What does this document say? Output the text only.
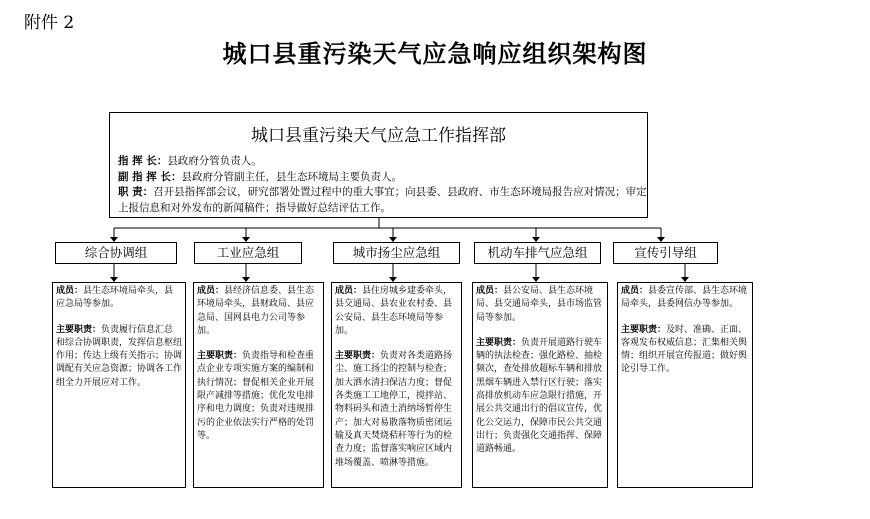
附件 2
城口县重污染天气应急响应组织架构图
城口县重污染天气应急工作指挥部
指 挥 长：县政府分管负责人。
副 指 挥 长：县政府分管副主任，县生态环境局主要负责人。
职 责：召开县指挥部会议，研究部署处置过程中的重大事宜；向县委、县政府、市生态环境局报告应对情况；审定上报信息和对外发布的新闻稿件；指导做好总结评估工作。
综合协调组	工业应急组	城市扬尘应急组	机动车排气应急组	宣传引导组
成员：县生态环境局牵头，县应急局等参加。
主要职责：负责履行信息汇总和综合协调职责，发挥信息枢纽作用；传达上级有关指示；协调调配有关应急资源；协调各工作组全力开展应对工作。
成员：县经济信息委、县生态环境局牵头，县财政局、县应急局、国网县电力公司等参加。
主要职责：负责指导和检查重点企业专项实施方案的编制和执行情况；督促相关企业开展限产减排等措施；优化发电排序和电力调度；负责对违规排污的企业依法实行严格的处罚等。
成员：县住房城乡建委牵头，县交通局、县农业农村委、县公安局、县生态环境局等参加。
主要职责：负责对各类道路扬尘、施工扬尘的控制与检查；加大洒水清扫保洁力度；督促各类施工工地停工，搅拌站、物料码头和渣土消纳场暂停生产；加大对易散落物质密闭运输及真天焚烧秸秆等行为的检查力度；监督落实响应区域内堆场覆盖、喷淋等措施。
成员：县公安局、县生态环境局、县交通局牵头，县市场监管局等参加。
主要职责：负责开展道路行驶车辆的执法检查；强化路检、抽检频次，查处排放超标车辆和排放黑烟车辆进入禁行区行驶；落实高排放机动车应急限行措施，开展公共交通出行的倡议宣传，优化公交运力，保障市民公共交通出行；负责强化交通指挥、保障道路畅通。
成员：县委宣传部、县生态环境局牵头，县委网信办等参加。
主要职责：及时、准确、正面、客观发布权威信息；汇集相关舆情；组织开展宣传报道；做好舆论引导工作。
